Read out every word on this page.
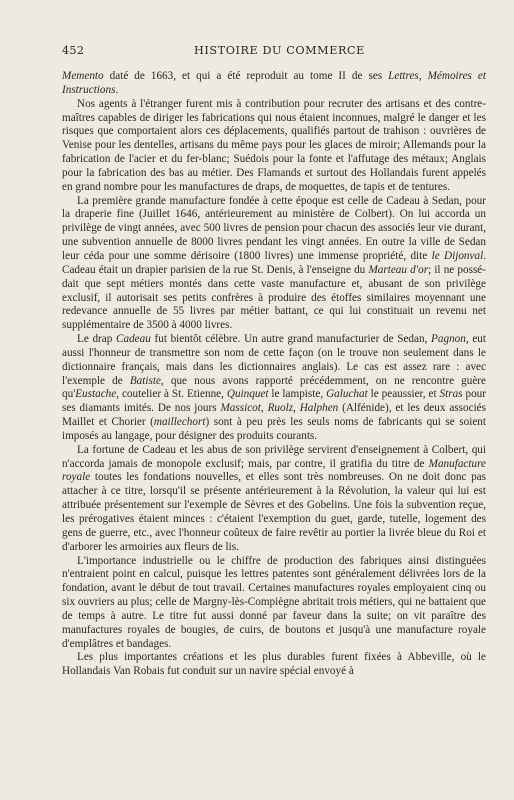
452	HISTOIRE DU COMMERCE

Memento daté de 1663, et qui a été reproduit au tome II de ses Lettres, Mémoires et Instructions.

Nos agents à l'étranger furent mis à contribution pour recruter des artisans et des contre-maîtres capables de diriger les fabrications qui nous étaient inconnues, malgré le danger et les risques que comportaient alors ces déplacements, qualifiés partout de trahison : ouvrières de Venise pour les dentelles, artisans du même pays pour les glaces de miroir; Allemands pour la fabrication de l'acier et du fer-blanc; Suédois pour la fonte et l'affutage des métaux; Anglais pour la fabrication des bas au métier. Des Flamands et surtout des Hollandais furent appelés en grand nombre pour les manufactures de draps, de moquettes, de tapis et de tentures.

La première grande manufacture fondée à cette époque est celle de Cadeau à Sedan, pour la draperie fine (Juillet 1646, antérieurement au ministère de Colbert). On lui accorda un privilège de vingt années, avec 500 livres de pension pour chacun des associés leur vie durant, une subvention annuelle de 8000 livres pendant les vingt années. En outre la ville de Sedan leur céda pour une somme dérisoire (1800 livres) une immense propriété, dite le Dijonval. Cadeau était un drapier parisien de la rue St. Denis, à l'enseigne du Marteau d'or; il ne possédait que sept métiers montés dans cette vaste manufacture et, abusant de son privilège exclusif, il autorisait ses petits confrères à produire des étoffes similaires moyennant une redevance annuelle de 55 livres par métier battant, ce qui lui constituait un revenu net supplémentaire de 3500 à 4000 livres.

Le drap Cadeau fut bientôt célèbre. Un autre grand manufacturier de Sedan, Pagnon, eut aussi l'honneur de transmettre son nom de cette façon (on le trouve non seulement dans le dictionnaire français, mais dans les dictionnaires anglais). Le cas est assez rare : avec l'exemple de Batiste, que nous avons rapporté précédemment, on ne rencontre guère qu'Eustache, coutelier à St. Etienne, Quinquet le lampiste, Galuchat le peaussier, et Stras pour ses diamants imités. De nos jours Massicot, Ruolz, Halphen (Alfénide), et les deux associés Maillet et Chorier (maillechort) sont à peu près les seuls noms de fabricants qui se soient imposés au langage, pour désigner des produits courants.

La fortune de Cadeau et les abus de son privilège servirent d'enseignement à Colbert, qui n'accorda jamais de monopole exclusif; mais, par contre, il gratifia du titre de Manufacture royale toutes les fondations nouvelles, et elles sont très nombreuses. On ne doit donc pas attacher à ce titre, lorsqu'il se présente antérieurement à la Révolution, la valeur qui lui est attribuée présentement sur l'exemple de Sèvres et des Gobelins. Une fois la subvention reçue, les prérogatives étaient minces : c'étaient l'exemption du guet, garde, tutelle, logement des gens de guerre, etc., avec l'honneur coûteux de faire revêtir au portier la livrée bleue du Roi et d'arborer les armoiries aux fleurs de lis.

L'importance industrielle ou le chiffre de production des fabriques ainsi distinguées n'entraient point en calcul, puisque les lettres patentes sont généralement délivrées lors de la fondation, avant le début de tout travail. Certaines manufactures royales employaient cinq ou six ouvriers au plus; celle de Margny-lès-Compiègne abritait trois métiers, qui ne battaient que de temps à autre. Le titre fut aussi donné par faveur dans la suite; on vit paraître des manufactures royales de bougies, de cuirs, de boutons et jusqu'à une manufacture royale d'emplâtres et bandages.

Les plus importantes créations et les plus durables furent fixées à Abbeville, où le Hollandais Van Robais fut conduit sur un navire spécial envoyé à
